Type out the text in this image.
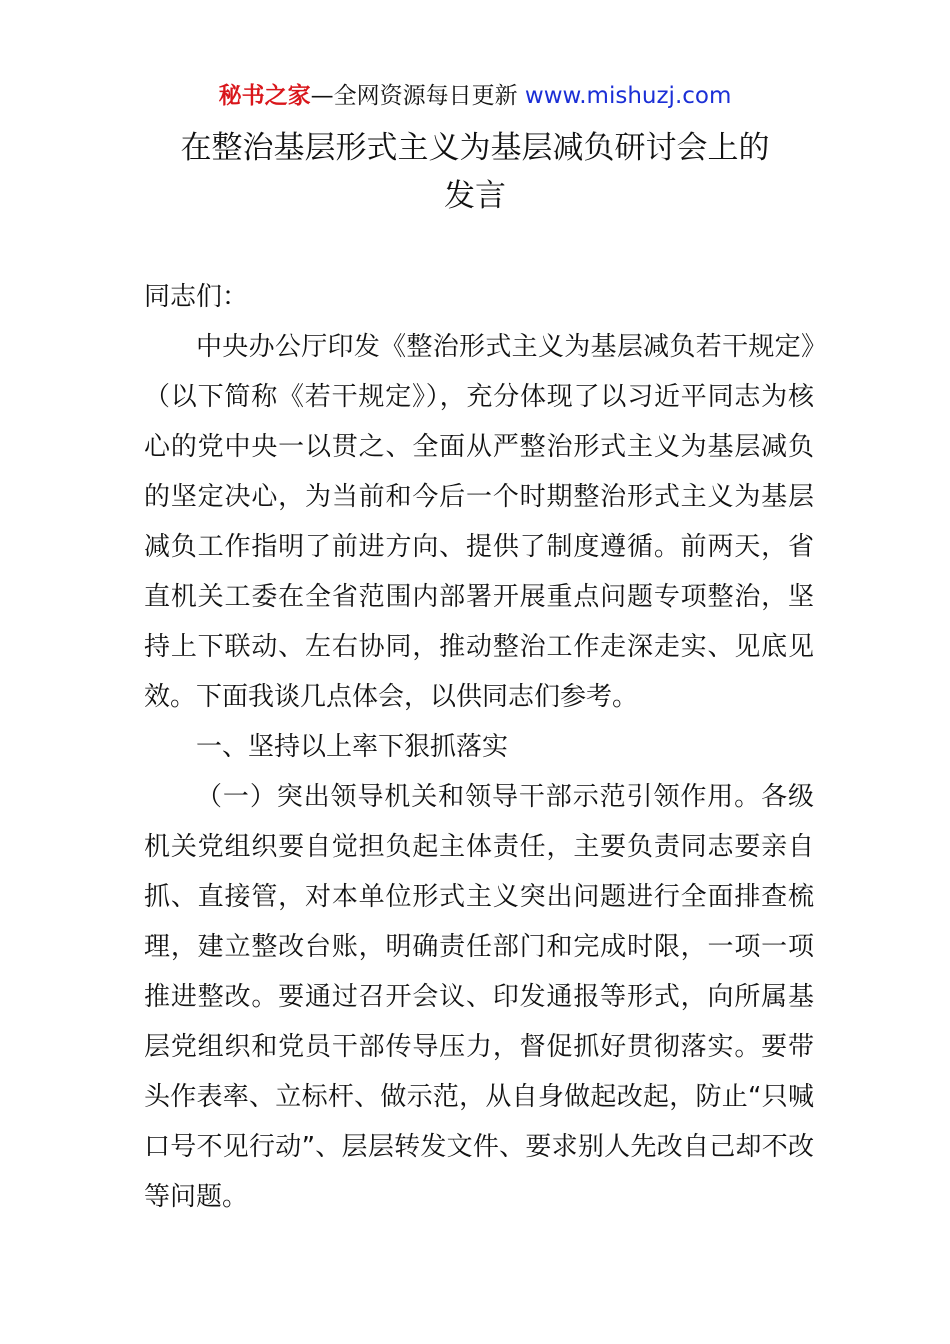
秘书之家—全网资源每日更新 www.mishuzj.com
在整治基层形式主义为基层减负研讨会上的
发言

同志们：

中央办公厅印发《整治形式主义为基层减负若干规定》（以下简称《若干规定》），充分体现了以习近平同志为核心的党中央一以贯之、全面从严整治形式主义为基层减负的坚定决心，为当前和今后一个时期整治形式主义为基层减负工作指明了前进方向、提供了制度遵循。前两天，省直机关工委在全省范围内部署开展重点问题专项整治，坚持上下联动、左右协同，推动整治工作走深走实、见底见效。下面我谈几点体会，以供同志们参考。

一、坚持以上率下狠抓落实

（一）突出领导机关和领导干部示范引领作用。各级机关党组织要自觉担负起主体责任，主要负责同志要亲自抓、直接管，对本单位形式主义突出问题进行全面排查梳理，建立整改台账，明确责任部门和完成时限，一项一项推进整改。要通过召开会议、印发通报等形式，向所属基层党组织和党员干部传导压力，督促抓好贯彻落实。要带头作表率、立标杆、做示范，从自身做起改起，防止“只喊口号不见行动”、层层转发文件、要求别人先改自己却不改等问题。
